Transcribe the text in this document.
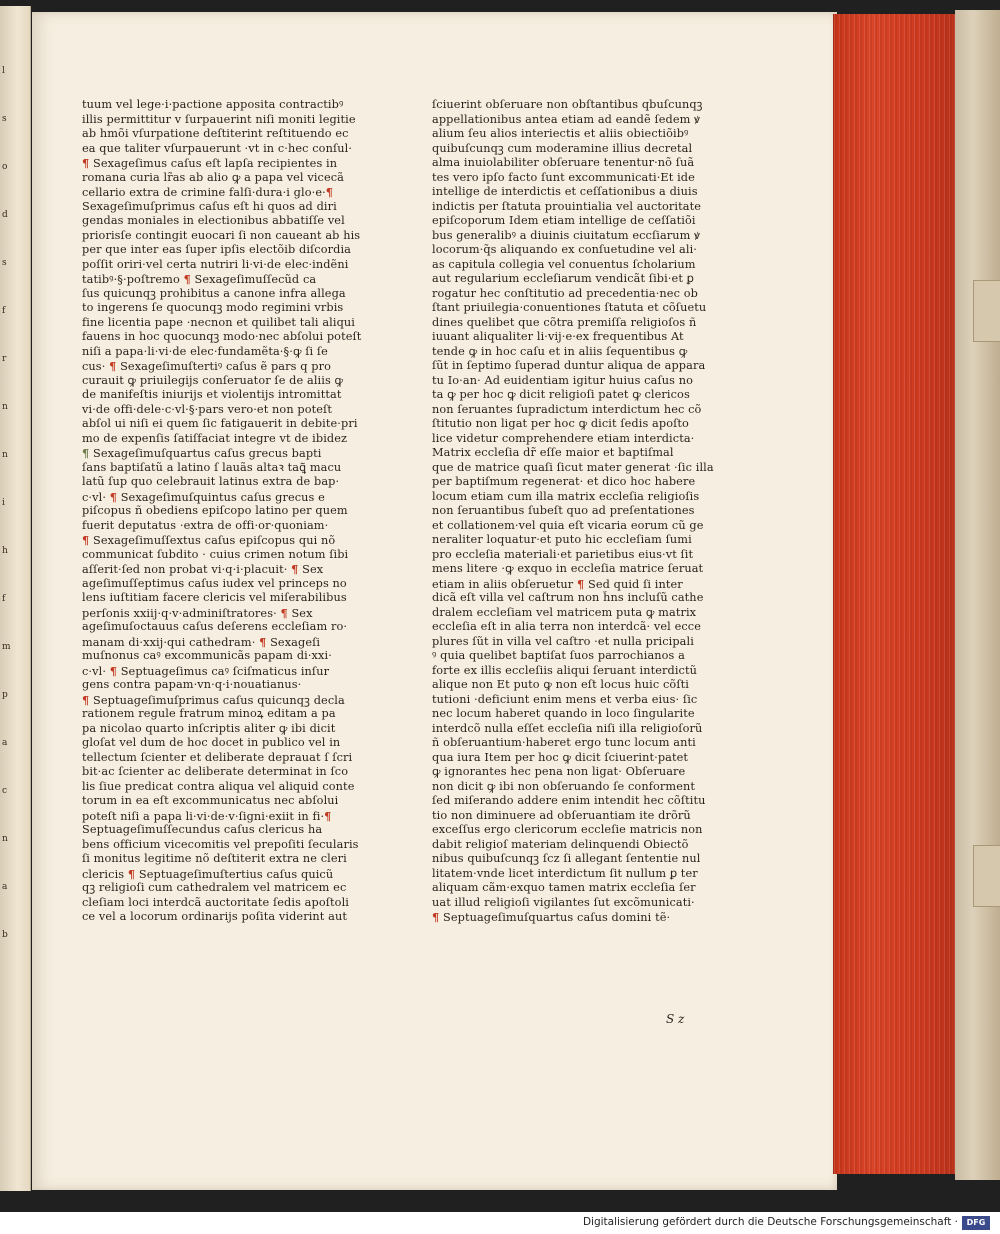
l
s
o
d
s
f
r
n
n
i
h
f
m
p
a
c
n
a
b
tuum vel lege·i·pactione apposita contractibꝰ
illis permittitur v ſurpauerint niſi moniti legitie
ab hmõi vſurpatione deſtiterint reſtituendo ec
ea que taliter vſurpauerunt ·vt in c·hec conſul·
¶ Sexageſimus caſus eſt lapſa recipientes in
romana curia lr̃as ab alio ꝙ a papa vel vicecã
cellario extra de crimine falſi·dura·i glo·e·¶
Sexageſimuſprimus caſus eſt hi quos ad diri
gendas moniales in electionibus abbatiſſe vel
priorisſe contingit euocari ſi non caueant ab his
per que inter eas ſuper ipſis electõib diſcordia
poſſit oriri·vel certa nutriri li·vi·de elec·indẽni
tatibꝰ·§·poſtremo ¶ Sexageſimuſſecũd ca
ſus quicunqꝫ prohibitus a canone infra allega
to ingerens ſe quocunqꝫ modo regimini vrbis
fine licentia pape ·necnon et quilibet tali aliqui
fauens in hoc quocunqꝫ modo·nec abſolui poteſt
niſi a papa·li·vi·de elec·fundamẽta·§·ꝙ ſi ſe
cus· ¶ Sexageſimuſtertiꝰ caſus ẽ pars q pro
curauit ꝙ priuilegijs conſeruator ſe de aliis ꝙ
de manifeſtis iniurijs et violentijs intromittat
vi·de offi·dele·c·vl·§·pars vero·et non poteſt
abſol ui niſi ei quem ſic fatigauerit in debite·pri
mo de expenſis ſatiſfaciat integre vt de ibidez
¶ Sexageſimuſquartus caſus grecus bapti
ſans baptiſatũ a latino ſ lauãs altaꝛ taꝗ̃ macu
latũ ſup quo celebrauit latinus extra de bap·
c·vl· ¶ Sexageſimuſquintus caſus grecus e
piſcopus ñ obediens epiſcopo latino per quem
fuerit deputatus ·extra de offi·or·quoniam·
¶ Sexageſimuſſextus caſus epiſcopus qui nõ
communicat ſubdito · cuius crimen notum ſibi
aſſerit·ſed non probat vi·q·i·placuit· ¶ Sex
ageſimuſſeptimus caſus iudex vel princeps no
lens iuſtitiam facere clericis vel miſerabilibus
perſonis xxiij·q·v·adminiſtratores· ¶ Sex
ageſimuſoctauus caſus deſerens eccleſiam ro·
manam di·xxij·qui cathedram· ¶ Sexageſi
muſnonus caꝰ excommunicãs papam di·xxi·
c·vl· ¶ Septuageſimus caꝰ ſciſmaticus inſur
gens contra papam·vn·q·i·nouatianus·
¶ Septuageſimuſprimus caſus quicunqꝫ decla
rationem regule fratrum minoꝝ editam a pa
pa nicolao quarto inſcriptis aliter ꝙ ibi dicit
gloſat vel dum de hoc docet in publico vel in
tellectum ſcienter et deliberate deprauat ſ ſcri
bit·ac ſcienter ac deliberate determinat in ſco
lis ſiue predicat contra aliqua vel aliquid conte
torum in ea eſt excommunicatus nec abſolui
poteſt niſi a papa li·vi·de·v·ſigni·exiit in fi·¶
Septuageſimuſſecundus caſus clericus ha
bens officium vicecomitis vel prepoſiti ſecularis
ſi monitus legitime nõ deſtiterit extra ne cleri
clericis ¶ Septuageſimuſtertius caſus quicũ
qꝫ religioſi cum cathedralem vel matricem ec
cleſiam loci interdcã auctoritate ſedis apoſtoli
ce vel a locorum ordinarijs poſita viderint aut
ſciuerint obſeruare non obſtantibus qbuſcunqꝫ
appellationibus antea etiam ad eandẽ ſedem ꝟ
alium ſeu alios interiectis et aliis obiectiõibꝰ
quibuſcunqꝫ cum moderamine illius decretal
alma inuiolabiliter obſeruare tenentur·nõ ſuã
tes vero ipſo facto ſunt excommunicati·Et ide
intellige de interdictis et ceſſationibus a diuis
indictis per ſtatuta prouintialia vel auctoritate
epiſcoporum Idem etiam intellige de ceſſatiõi
bus generalibꝰ a diuinis ciuitatum eccſiarum ꝟ
locorum·q̃s aliquando ex conſuetudine vel ali·
as capitula collegia vel conuentus ſcholarium
aut regularium eccleſiarum vendicãt ſibi·et ꝑ
rogatur hec conſtitutio ad precedentia·nec ob
ſtant priuilegia·conuentiones ſtatuta et cõſuetu
dines quelibet que cõtra premiſſa religioſos ñ
iuuant aliqualiter li·vij·e·ex frequentibus At
tende ꝙ in hoc caſu et in aliis ſequentibus ꝙ
ſũt in ſeptimo ſuperad duntur aliqua de appara
tu Io·an· Ad euidentiam igitur huius caſus no
ta ꝙ per hoc ꝙ dicit religioſi patet ꝙ clericos
non ſeruantes ſupradictum interdictum hec cõ
ſtitutio non ligat per hoc ꝙ dicit ſedis apoſto
lice videtur comprehendere etiam interdicta·
Matrix eccleſia dr̃ eſſe maior et baptiſmal
que de matrice quaſi ſicut mater generat ·ſic illa
per baptiſmum regenerat· et dico hoc habere
locum etiam cum illa matrix eccleſia religioſis
non ſeruantibus ſubeſt quo ad preſentationes
et collationem·vel quia eſt vicaria eorum cũ ge
neraliter loquatur·et puto hic eccleſiam ſumi
pro eccleſia materiali·et parietibus eius·vt ſit
mens litere ·ꝙ exquo in eccleſia matrice ſeruat
etiam in aliis obſeruetur ¶ Sed quid ſi inter
dicã eſt villa vel caſtrum non h̃ns incluſũ cathe
dralem eccleſiam vel matricem puta ꝙ matrix
eccleſia eſt in alia terra non interdcã· vel ecce
plures ſũt in villa vel caſtro ·et nulla pricipali
ꝰ quia quelibet baptiſat ſuos parrochianos a
forte ex illis eccleſiis aliqui ſeruant interdictũ
alique non Et puto ꝙ non eſt locus huic cõſti
tutioni ·deficiunt enim mens et verba eius· ſic
nec locum haberet quando in loco ſingularite
interdcõ nulla eſſet eccleſia niſi illa religioſorũ
ñ obſeruantium·haberet ergo tunc locum anti
qua iura Item per hoc ꝙ dicit ſciuerint·patet
ꝙ ignorantes hec pena non ligat· Obſeruare
non dicit ꝙ ibi non obſeruando ſe conforment
ſed miſerando addere enim intendit hec cõſtitu
tio non diminuere ad obſeruantiam ite drõrũ
exceſſus ergo clericorum eccleſie matricis non
dabit religioſ materiam delinquendi Obiectõ
nibus quibuſcunqꝫ ſcz ſi allegant ſententie nul
litatem·vnde licet interdictum ſit nullum ꝑ ter
aliquam cãm·exquo tamen matrix eccleſia ſer
uat illud religioſi vigilantes ſut excõmunicati·
¶ Septuageſimuſquartus caſus domini tẽ·
S z
Digitalisierung gefördert durch die Deutsche Forschungsgemeinschaft ·	DFG
